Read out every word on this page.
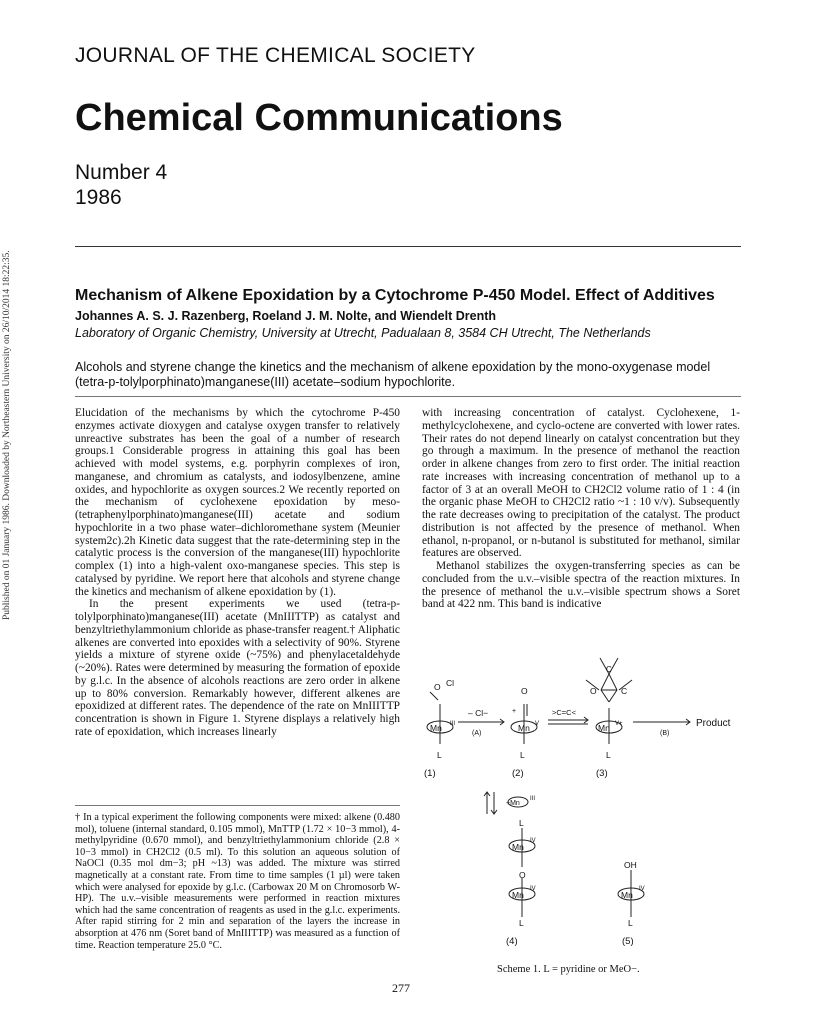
Published on 01 January 1986. Downloaded by Northeastern University on 26/10/2014 18:22:35.
JOURNAL OF THE CHEMICAL SOCIETY
Chemical Communications
Number 4
1986
Mechanism of Alkene Epoxidation by a Cytochrome P-450 Model. Effect of Additives
Johannes A. S. J. Razenberg, Roeland J. M. Nolte, and Wiendelt Drenth
Laboratory of Organic Chemistry, University at Utrecht, Padualaan 8, 3584 CH Utrecht, The Netherlands
Alcohols and styrene change the kinetics and the mechanism of alkene epoxidation by the mono-oxygenase model (tetra-p-tolylporphinato)manganese(III) acetate–sodium hypochlorite.

Elucidation of the mechanisms by which the cytochrome P-450 enzymes activate dioxygen and catalyse oxygen transfer to relatively unreactive substrates has been the goal of a number of research groups.1 Considerable progress in attaining this goal has been achieved with model systems, e.g. porphyrin complexes of iron, manganese, and chromium as catalysts, and iodosylbenzene, amine oxides, and hypochlorite as oxygen sources.2 We recently reported on the mechanism of cyclohexene epoxidation by meso-(tetraphenylporphinato)manganese(III) acetate and sodium hypochlorite in a two phase water–dichloromethane system (Meunier system2c).2h Kinetic data suggest that the rate-determining step in the catalytic process is the conversion of the manganese(III) hypochlorite complex (1) into a high-valent oxo-manganese species. This step is catalysed by pyridine. We report here that alcohols and styrene change the kinetics and mechanism of alkene epoxidation by (1).

In the present experiments we used (tetra-p-tolylporphinato)manganese(III) acetate (MnIIITTP) as catalyst and benzyltriethylammonium chloride as phase-transfer reagent.† Aliphatic alkenes are converted into epoxides with a selectivity of 90%. Styrene yields a mixture of styrene oxide (~75%) and phenylacetaldehyde (~20%). Rates were determined by measuring the formation of epoxide by g.l.c. In the absence of alcohols reactions are zero order in alkene up to 80% conversion. Remarkably however, different alkenes are epoxidized at different rates. The dependence of the rate on MnIIITTP concentration is shown in Figure 1. Styrene displays a relatively high rate of epoxidation, which increases linearly

with increasing concentration of catalyst. Cyclohexene, 1-methylcyclohexene, and cyclo-octene are converted with lower rates. Their rates do not depend linearly on catalyst concentration but they go through a maximum. In the presence of methanol the reaction order in alkene changes from zero to first order. The initial reaction rate increases with increasing concentration of methanol up to a factor of 3 at an overall MeOH to CH2Cl2 volume ratio of 1 : 4 (in the organic phase MeOH to CH2Cl2 ratio ~1 : 10 v/v). Subsequently the rate decreases owing to precipitation of the catalyst. The product distribution is not affected by the presence of methanol. When ethanol, n-propanol, or n-butanol is substituted for methanol, similar features are observed.

Methanol stabilizes the oxygen-transferring species as can be concluded from the u.v.–visible spectra of the reaction mixtures. In the presence of methanol the u.v.–visible spectrum shows a Soret band at 422 nm. This band is indicative

† In a typical experiment the following components were mixed: alkene (0.480 mol), toluene (internal standard, 0.105 mmol), MnTTP (1.72 × 10−3 mmol), 4-methylpyridine (0.670 mmol), and benzyltriethylammonium chloride (2.8 × 10−3 mmol) in CH2Cl2 (0.5 ml). To this solution an aqueous solution of NaOCl (0.35 mol dm−3; pH ~13) was added. The mixture was stirred magnetically at a constant rate. From time to time samples (1 µl) were taken which were analysed for epoxide by g.l.c. (Carbowax 20 M on Chromosorb W-HP). The u.v.–visible measurements were performed in reaction mixtures which had the same concentration of reagents as used in the g.l.c. experiments. After rapid stirring for 2 min and separation of the layers the increase in absorption at 476 nm (Soret band of MnIIITTP) was measured as a function of time. Reaction temperature 25.0 °C.

O Cl
Mn III
L
– Cl−
(A)
O
+
Mn V
L
>C=C<
C
O	C
Mn V+
L
(B)
Product
(1)	(2)	(3)
+Mn
III
L
Mn
IV
O
Mn
IV
L
(4)
OH
Mn
IV
L
(5)
Scheme 1. L = pyridine or MeO−.
277
